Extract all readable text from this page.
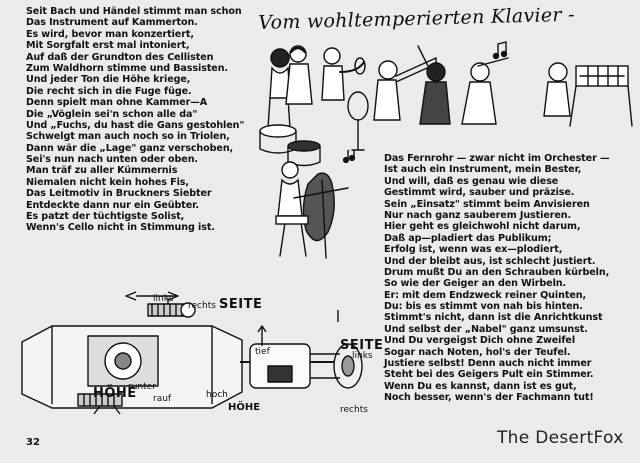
Vom wohltemperierten Klavier -
Seit Bach und Händel stimmt man schon
Das Instrument auf Kammerton.
Es wird, bevor man konzertiert,
Mit Sorgfalt erst mal intoniert,
Auf daß der Grundton des Cellisten
Zum Waldhorn stimme und Bassisten.
Und jeder Ton die Höhe kriege,
Die recht sich in die Fuge füge.
Denn spielt man ohne Kammer—A
Die „Vöglein sei'n schon alle da"
Und „Fuchs, du hast die Gans gestohlen"
Schwelgt man auch noch so in Triolen,
Dann wär die „Lage" ganz verschoben,
Sei's nun nach unten oder oben.
Man träf zu aller Kümmernis
Niemalen nicht kein hohes Fis,
Das Leitmotiv in Bruckners Siebter
Entdeckte dann nur ein Geübter.
Es patzt der tüchtigste Solist,
Wenn's Cello nicht in Stimmung ist.
Das Fernrohr — zwar nicht im Orchester —
Ist auch ein Instrument, mein Bester,
Und will, daß es genau wie diese
Gestimmt wird, sauber und präzise.
Sein „Einsatz" stimmt beim Anvisieren
Nur nach ganz sauberem Justieren.
Hier geht es gleichwohl nicht darum,
Daß ap—pladiert das Publikum;
Erfolg ist, wenn was ex—plodiert,
Und der bleibt aus, ist schlecht justiert.
Drum mußt Du an den Schrauben kürbeln,
So wie der Geiger an den Wirbeln.
Er: mit dem Endzweck reiner Quinten,
Du: bis es stimmt von nah bis hinten.
Stimmt's nicht, dann ist die Anrichtkunst
Und selbst der „Nabel" ganz umsunst.
Und Du vergeigst Dich ohne Zweifel
Sogar nach Noten, hol's der Teufel.
Justiere selbst! Denn auch nicht immer
Steht bei des Geigers Pult ein Stimmer.
Wenn Du es kannst, dann ist es gut,
Noch besser, wenn's der Fachmann tut!
links
rechts SEITE
SEITE
links
tief
hoch
HÖHE
runter
rauf
HÖHE	rechts
32	The DesertFox
